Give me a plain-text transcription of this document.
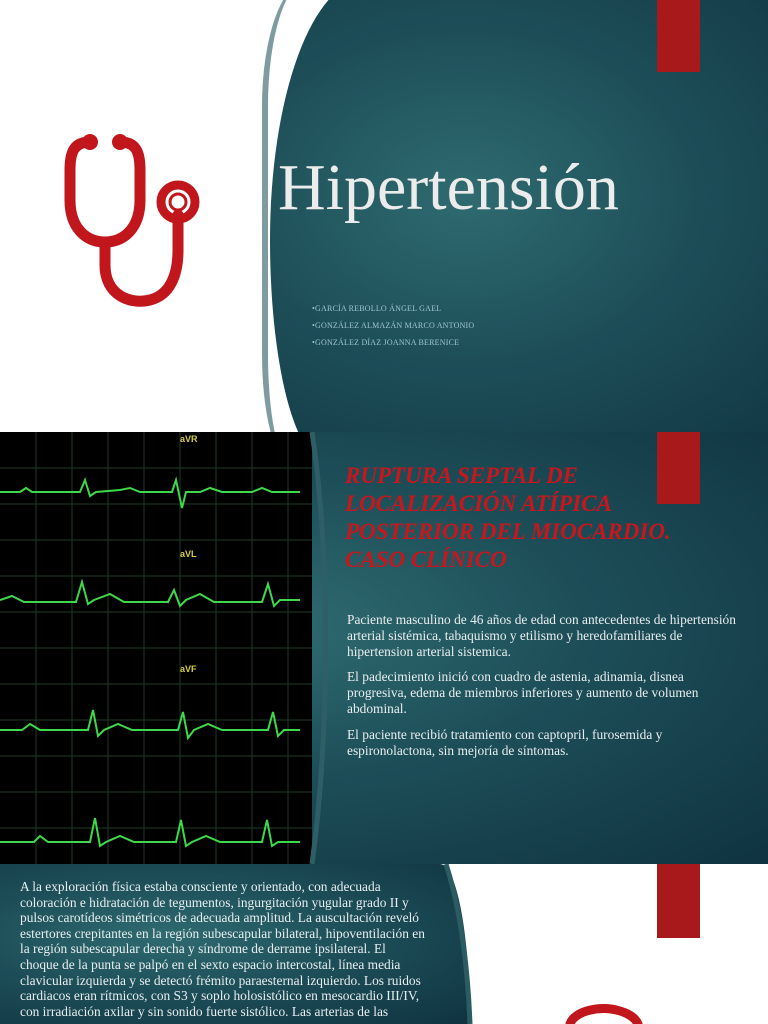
Hipertensión
•GARCÍA REBOLLO ÁNGEL GAEL
•GONZÁLEZ ALMAZÁN MARCO ANTONIO
•GONZÁLEZ DÍAZ JOANNA BERENICE
aVR
aVL
aVF
RUPTURA SEPTAL DE LOCALIZACIÓN ATÍPICA POSTERIOR DEL MIOCARDIO. CASO CLÍNICO
Paciente masculino de 46 años de edad con antecedentes de hipertensión arterial sistémica, tabaquismo y etilismo y heredofamiliares de hipertension arterial sistemica.
El padecimiento inició con cuadro de astenia, adinamia, disnea progresiva, edema de miembros inferiores y aumento de volumen abdominal.
El paciente recibió tratamiento con captopril, furosemida y espironolactona, sin mejoría de síntomas.
A la exploración física estaba consciente y orientado, con adecuada coloración e hidratación de tegumentos, ingurgitación yugular grado II y pulsos carotídeos simétricos de adecuada amplitud. La auscultación reveló estertores crepitantes en la región subescapular bilateral, hipoventilación en la región subescapular derecha y síndrome de derrame ipsilateral. El choque de la punta se palpó en el sexto espacio intercostal, línea media clavicular izquierda y se detectó frémito paraesternal izquierdo. Los ruidos cardiacos eran rítmicos, con S3 y soplo holosistólico en mesocardio III/IV, con irradiación axilar y sin sonido fuerte sistólico. Las arterias de las
